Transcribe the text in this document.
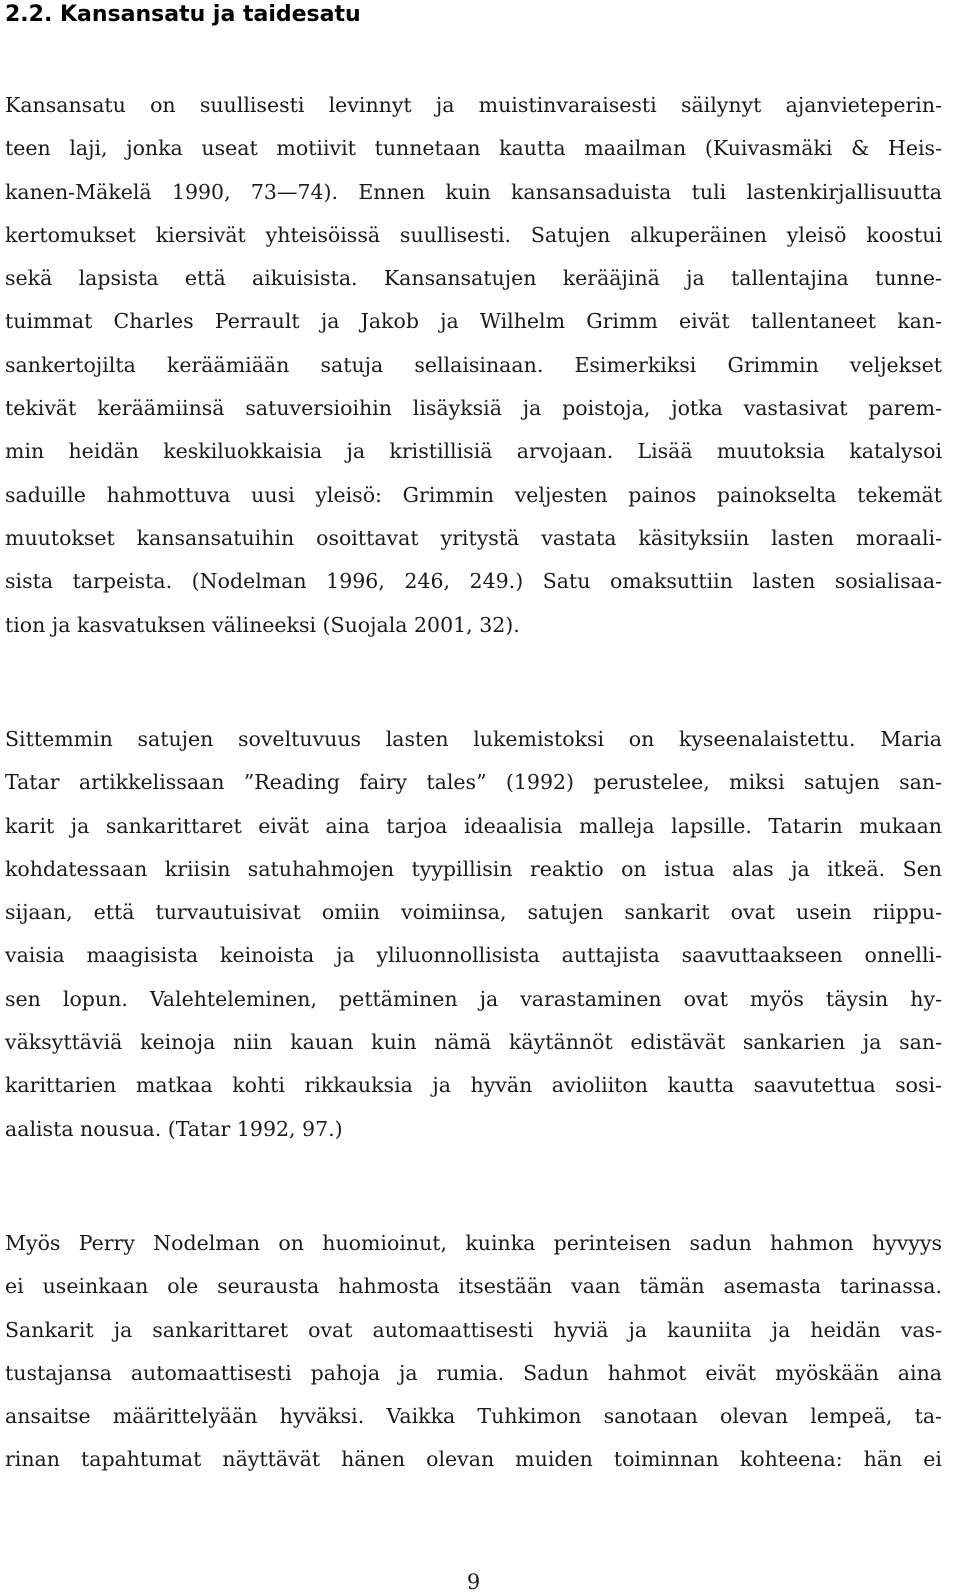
2.2. Kansansatu ja taidesatu
Kansansatu on suullisesti levinnyt ja muistinvaraisesti säilynyt ajanvieteperin-
teen laji, jonka useat motiivit tunnetaan kautta maailman (Kuivasmäki & Heis-
kanen-Mäkelä 1990, 73—74). Ennen kuin kansansaduista tuli lastenkirjallisuutta
kertomukset kiersivät yhteisöissä suullisesti. Satujen alkuperäinen yleisö koostui
sekä lapsista että aikuisista. Kansansatujen kerääjinä ja tallentajina tunne-
tuimmat Charles Perrault ja Jakob ja Wilhelm Grimm eivät tallentaneet kan-
sankertojilta keräämiään satuja sellaisinaan. Esimerkiksi Grimmin veljekset
tekivät keräämiinsä satuversioihin lisäyksiä ja poistoja, jotka vastasivat parem-
min heidän keskiluokkaisia ja kristillisiä arvojaan. Lisää muutoksia katalysoi
saduille hahmottuva uusi yleisö: Grimmin veljesten painos painokselta tekemät
muutokset kansansatuihin osoittavat yritystä vastata käsityksiin lasten moraali-
sista tarpeista. (Nodelman 1996, 246, 249.) Satu omaksuttiin lasten sosialisaa-
tion ja kasvatuksen välineeksi (Suojala 2001, 32).
Sittemmin satujen soveltuvuus lasten lukemistoksi on kyseenalaistettu. Maria
Tatar artikkelissaan ”Reading fairy tales” (1992) perustelee, miksi satujen san-
karit ja sankarittaret eivät aina tarjoa ideaalisia malleja lapsille. Tatarin mukaan
kohdatessaan kriisin satuhahmojen tyypillisin reaktio on istua alas ja itkeä. Sen
sijaan, että turvautuisivat omiin voimiinsa, satujen sankarit ovat usein riippu-
vaisia maagisista keinoista ja yliluonnollisista auttajista saavuttaakseen onnelli-
sen lopun. Valehteleminen, pettäminen ja varastaminen ovat myös täysin hy-
väksyttäviä keinoja niin kauan kuin nämä käytännöt edistävät sankarien ja san-
karittarien matkaa kohti rikkauksia ja hyvän avioliiton kautta saavutettua sosi-
aalista nousua. (Tatar 1992, 97.)
Myös Perry Nodelman on huomioinut, kuinka perinteisen sadun hahmon hyvyys
ei useinkaan ole seurausta hahmosta itsestään vaan tämän asemasta tarinassa.
Sankarit ja sankarittaret ovat automaattisesti hyviä ja kauniita ja heidän vas-
tustajansa automaattisesti pahoja ja rumia. Sadun hahmot eivät myöskään aina
ansaitse määrittelyään hyväksi. Vaikka Tuhkimon sanotaan olevan lempeä, ta-
rinan tapahtumat näyttävät hänen olevan muiden toiminnan kohteena: hän ei
9
